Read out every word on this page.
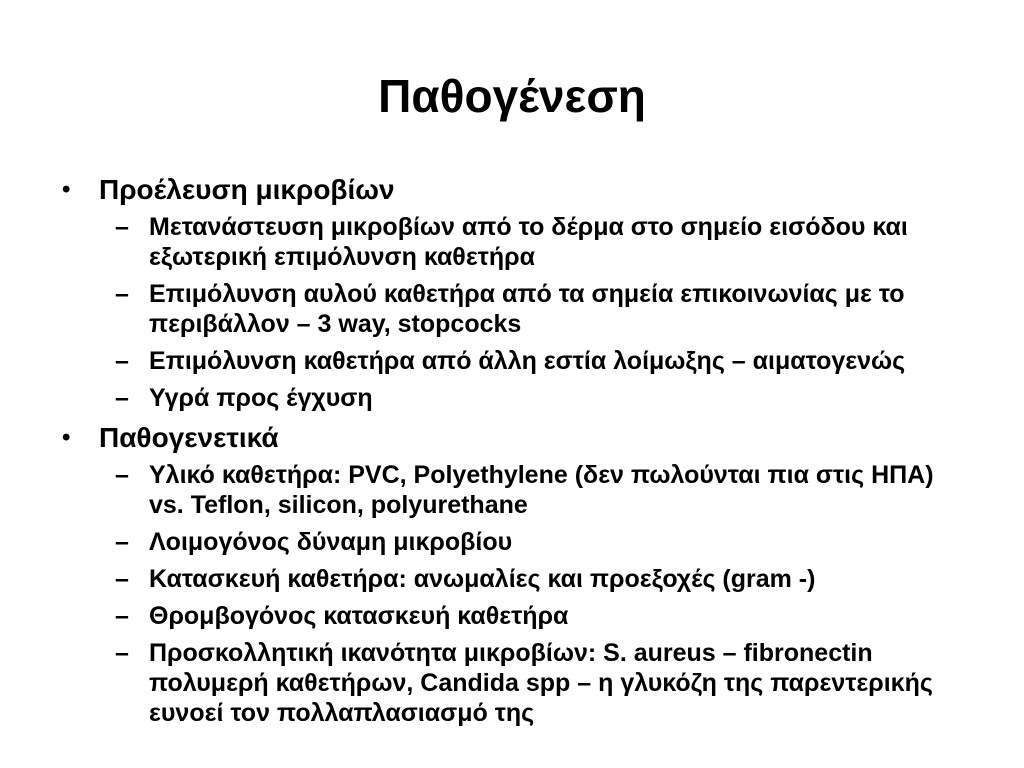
Παθογένεση
•	Προέλευση μικροβίων
– Μετανάστευση μικροβίων από το δέρμα στο σημείο εισόδου και εξωτερική επιμόλυνση καθετήρα
– Επιμόλυνση αυλού καθετήρα από τα σημεία επικοινωνίας με το περιβάλλον – 3 way, stopcocks
– Επιμόλυνση καθετήρα από άλλη εστία λοίμωξης – αιματογενώς
– Υγρά προς έγχυση
•	Παθογενετικά
– Υλικό καθετήρα: PVC, Polyethylene (δεν πωλούνται πια στις ΗΠΑ) vs. Teflon, silicon, polyurethane
– Λοιμογόνος δύναμη μικροβίου
– Κατασκευή καθετήρα: ανωμαλίες και προεξοχές (gram -)
– Θρομβογόνος κατασκευή καθετήρα
– Προσκολλητική ικανότητα μικροβίων: S. aureus – fibronectin πολυμερή καθετήρων, Candida spp – η γλυκόζη της παρεντερικής ευνοεί τον πολλαπλασιασμό της
